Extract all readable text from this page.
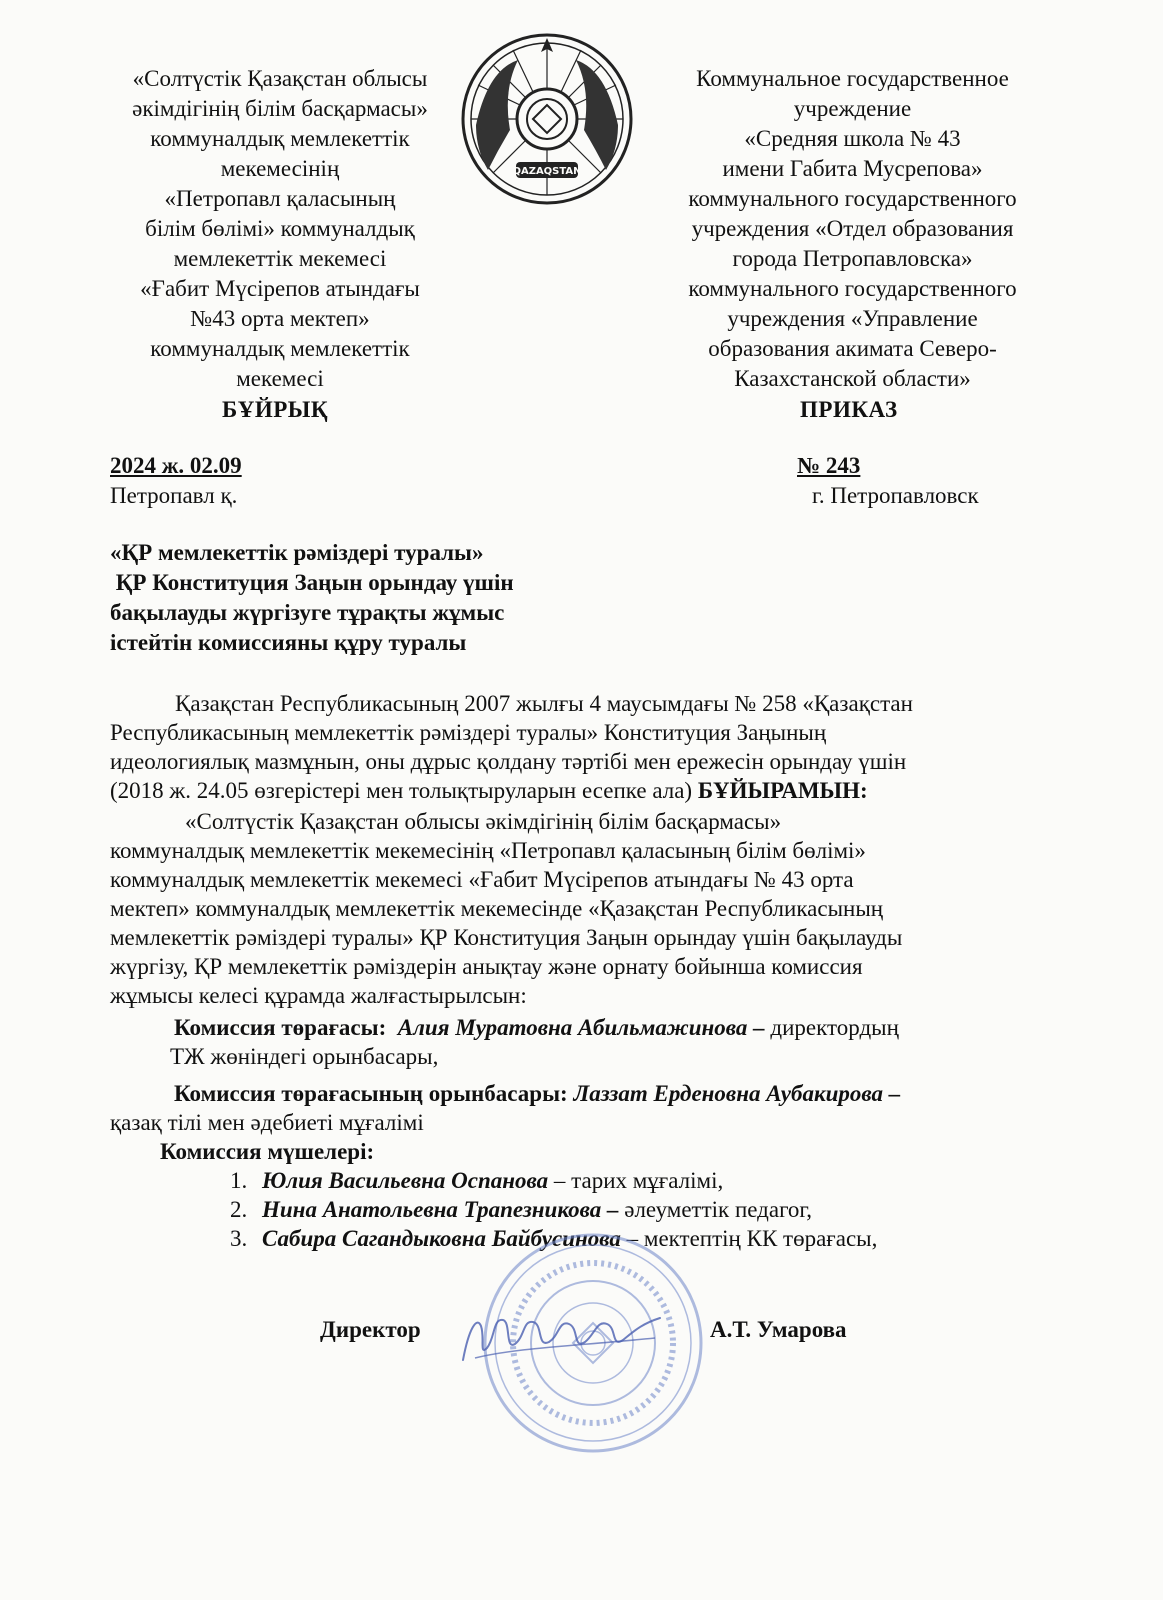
«Солтүстік Қазақстан облысы
әкімдігінің білім басқармасы»
коммуналдық мемлекеттік
мекемесінің
«Петропавл қаласының
білім бөлімі» коммуналдық
мемлекеттік мекемесі
«Ғабит Мүсірепов атындағы
№43 орта мектеп»
коммуналдық мемлекеттік
мекемесі
БҰЙРЫҚ
QAZAQSTAN
Коммунальное государственное
учреждение
«Средняя школа № 43
имени Габита Мусрепова»
коммунального государственного
учреждения «Отдел образования
города Петропавловска»
коммунального государственного
учреждения «Управление
образования акимата Северо-
Казахстанской области»
ПРИКАЗ
2024 ж. 02.09
Петропавл қ.
№ 243
г. Петропавловск
«ҚР мемлекеттік рәміздері туралы»
ҚР Конституция Заңын орындау үшін
бақылауды жүргізуге тұрақты жұмыс
істейтін комиссияны құру туралы
Қазақстан Республикасының 2007 жылғы 4 маусымдағы № 258 «Қазақстан
Республикасының мемлекеттік рәміздері туралы» Конституция Заңының
идеологиялық мазмұнын, оны дұрыс қолдану тәртібі мен ережесін орындау үшін
(2018 ж. 24.05 өзгерістері мен толықтыруларын есепке ала) БҰЙЫРАМЫН:
«Солтүстік Қазақстан облысы әкімдігінің білім басқармасы»
коммуналдық мемлекеттік мекемесінің «Петропавл қаласының білім бөлімі»
коммуналдық мемлекеттік мекемесі «Ғабит Мүсірепов атындағы № 43 орта
мектеп» коммуналдық мемлекеттік мекемесінде «Қазақстан Республикасының
мемлекеттік рәміздері туралы» ҚР Конституция Заңын орындау үшін бақылауды
жүргізу, ҚР мемлекеттік рәміздерін анықтау және орнату бойынша комиссия
жұмысы келесі құрамда жалғастырылсын:
Комиссия төрағасы: Алия Муратовна Абильмажинова – директордың
ТЖ жөніндегі орынбасары,
Комиссия төрағасының орынбасары: Лаззат Ерденовна Аубакирова –
қазақ тілі мен әдебиеті мұғалімі
Комиссия мүшелері:
1. Юлия Васильевна Оспанова – тарих мұғалімі,
2. Нина Анатольевна Трапезникова – әлеуметтік педагог,
3. Сабира Сагандыковна Байбусинова – мектептің КК төрағасы,
Директор	А.Т. Умарова
